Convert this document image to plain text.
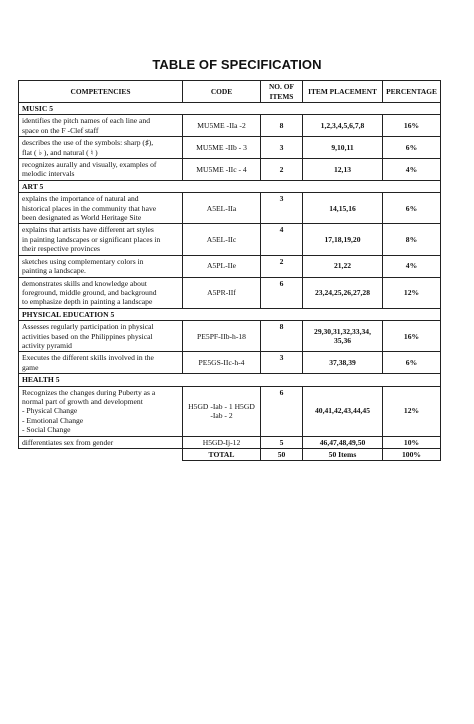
TABLE OF SPECIFICATION
COMPETENCIES	CODE	NO. OF ITEMS	ITEM PLACEMENT	PERCENTAGE
MUSIC 5				

identifies the pitch names of each line and
space on the F -Clef staff	MU5ME -IIa -2	8	1,2,3,4,5,6,7,8	16%

describes the use of the symbols: sharp (♯),
flat ( ♭ ), and natural ( ♮ )	MU5ME -IIb - 3	3	9,10,11	6%

recognizes aurally and visually, examples of
melodic intervals	MU5ME -IIc - 4	2	12,13	4%
ART 5				

explains the importance of natural and
historical places in the community that have
been designated as World Heritage Site	A5EL-IIa	3	14,15,16	6%

explains that artists have different art styles
in painting landscapes or significant places in
their respective provinces	A5EL-IIc	4	17,18,19,20	8%

sketches using complementary colors in
painting a landscape.	A5PL-IIe	2	21,22	4%

demonstrates skills and knowledge about
foreground, middle ground, and background
to emphasize depth in painting a landscape	A5PR-IIf	6	23,24,25,26,27,28	12%
PHYSICAL EDUCATION 5				

Assesses regularly participation in physical
activities based on the Philippines physical
activity pyramid	PE5PF-IIb-h-18	8	29,30,31,32,33,34, 35,36	16%

Executes the different skills involved in the
game	PE5GS-IIc-h-4	3	37,38,39	6%
HEALTH 5				

Recognizes the changes during Puberty as a
normal part of growth and development
- Physical Change
- Emotional Change
- Social Change	H5GD -Iab - 1 H5GD -Iab - 2	6	40,41,42,43,44,45	12%

differentiates sex from gender	H5GD-Ij-12	5	46,47,48,49,50	10%
	TOTAL	50	50 Items	100%
